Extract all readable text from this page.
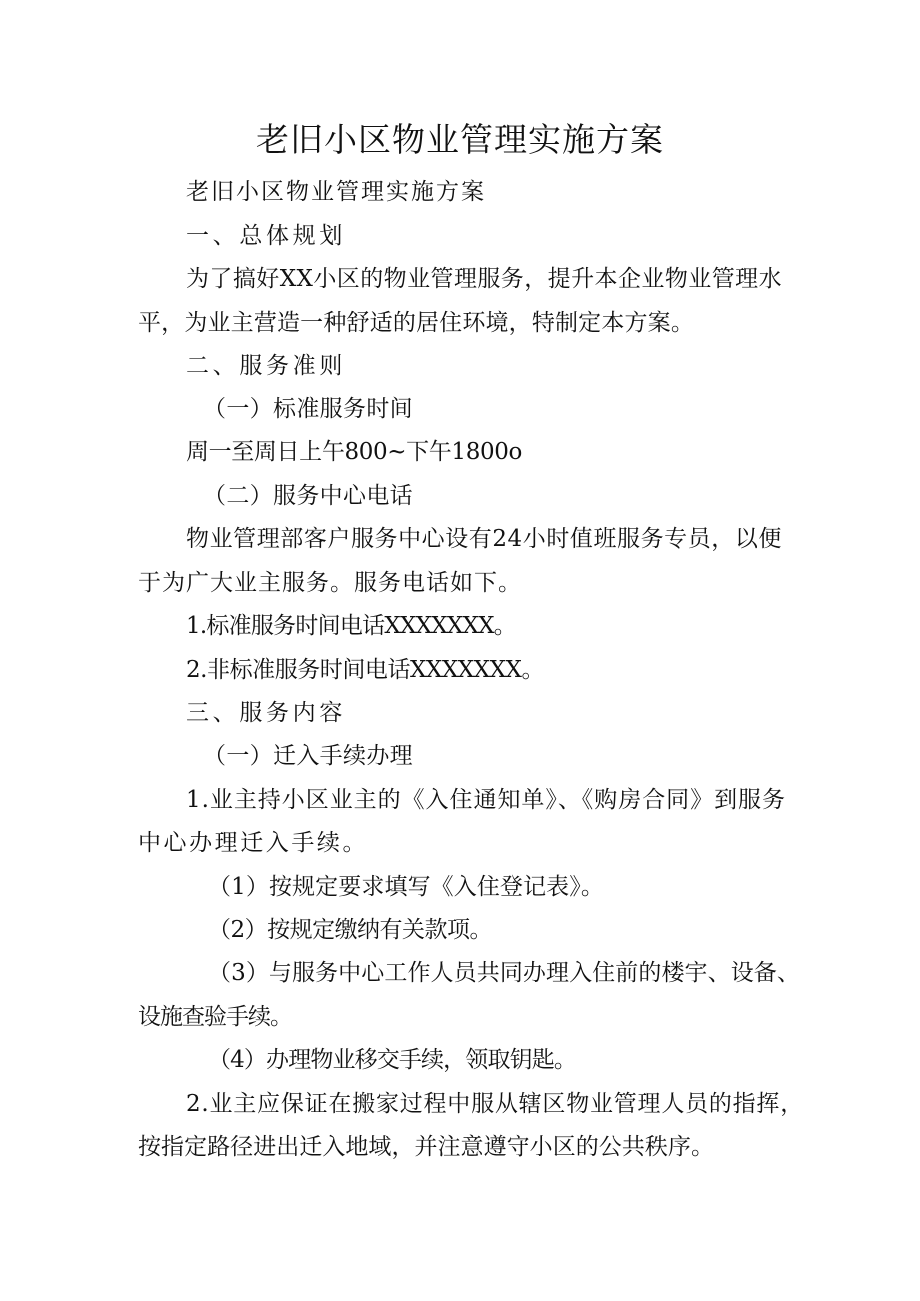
老旧小区物业管理实施方案

老旧小区物业管理实施方案

一、总体规划

为了搞好XX小区的物业管理服务，提升本企业物业管理水

平，为业主营造一种舒适的居住环境，特制定本方案。

二、服务准则

（一）标准服务时间

周一至周日上午800~下午1800o

（二）服务中心电话

物业管理部客户服务中心设有24小时值班服务专员，以便

于为广大业主服务。服务电话如下。

1.标准服务时间电话XXXXXXX。

2.非标准服务时间电话XXXXXXX。

三、服务内容

（一）迁入手续办理

1.业主持小区业主的《入住通知单》、《购房合同》到服务

中心办理迁入手续。

（1）按规定要求填写《入住登记表》。

（2）按规定缴纳有关款项。

（3）与服务中心工作人员共同办理入住前的楼宇、设备、

设施查验手续。

（4）办理物业移交手续，领取钥匙。

2.业主应保证在搬家过程中服从辖区物业管理人员的指挥，

按指定路径进出迁入地域，并注意遵守小区的公共秩序。
